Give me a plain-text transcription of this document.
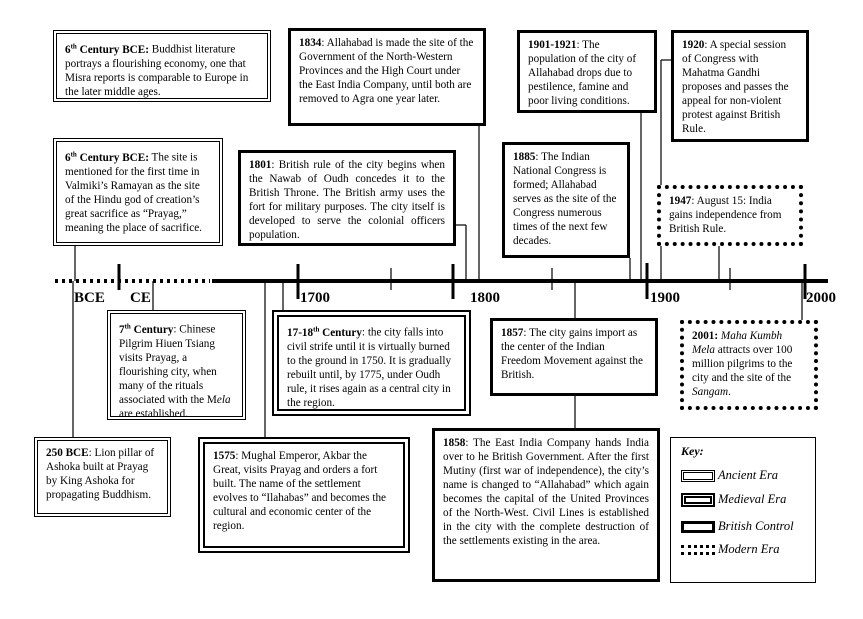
BCE CE	1700	1800	1900	2000
6th Century BCE: Buddhist literature portrays a flourishing economy, one that Misra reports is comparable to Europe in the later middle ages.
6th Century BCE: The site is mentioned for the first time in Valmiki’s Ramayan as the site of the Hindu god of creation’s great sacrifice as “Prayag,” meaning the place of sacrifice.
7th Century: Chinese Pilgrim Hiuen Tsiang visits Prayag, a flourishing city, when many of the rituals associated with the Mela are established.
250 BCE: Lion pillar of Ashoka built at Prayag by King Ashoka for propagating Buddhism.
1575: Mughal Emperor, Akbar the Great, visits Prayag and orders a fort built. The name of the settlement evolves to “Ilahabas” and becomes the cultural and economic center of the region.
17-18th Century: the city falls into civil strife until it is virtually burned to the ground in 1750. It is gradually rebuilt until, by 1775, under Oudh rule, it rises again as a central city in the region.
1801: British rule of the city begins when the Nawab of Oudh concedes it to the British Throne. The British army uses the fort for military purposes. The city itself is developed to serve the colonial officers population.
1834: Allahabad is made the site of the Government of the North-Western Provinces and the High Court under the East India Company, until both are removed to Agra one year later.
1857: The city gains import as the center of the Indian Freedom Movement against the British.
1858: The East India Company hands India over to he British Government. After the first Mutiny (first war of independence), the city’s name is changed to “Allahabad” which again becomes the capital of the United Provinces of the North-West. Civil Lines is established in the city with the complete destruction of the settlements existing in the area.
1885: The Indian National Congress is formed; Allahabad serves as the site of the Congress numerous times of the next few decades.
1901-1921: The population of the city of Allahabad drops due to pestilence, famine and poor living conditions.
1920: A special session of Congress with Mahatma Gandhi proposes and passes the appeal for non-violent protest against British Rule.
1947: August 15: India gains independence from British Rule.
2001: Maha Kumbh Mela attracts over 100 million pilgrims to the city and the site of the Sangam.
Key:
Ancient Era
Medieval Era
British Control
Modern Era
